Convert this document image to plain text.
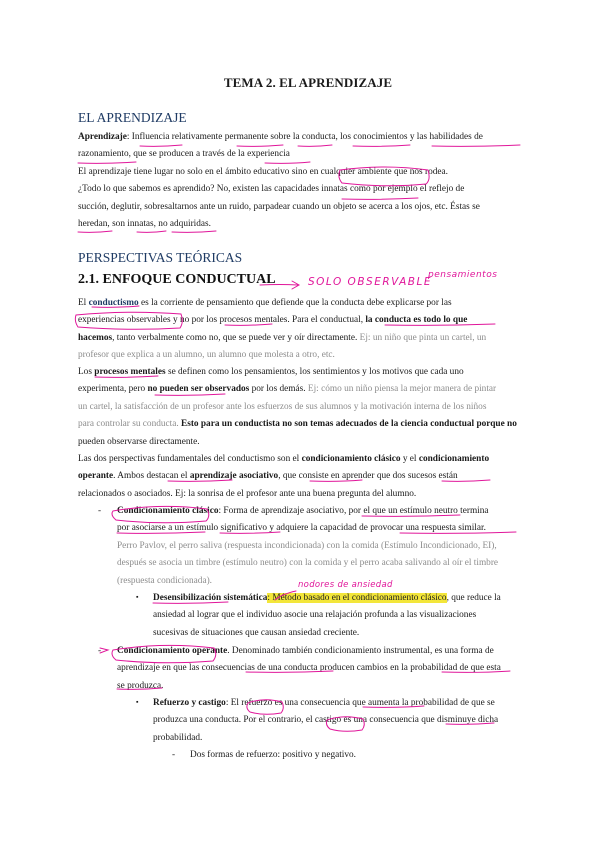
TEMA 2. EL APRENDIZAJE
EL APRENDIZAJE

Aprendizaje: Influencia relativamente permanente sobre la conducta, los conocimientos y las habilidades de

razonamiento, que se producen a través de la experiencia

El aprendizaje tiene lugar no solo en el ámbito educativo sino en cualquier ambiente que nos rodea.

¿Todo lo que sabemos es aprendido? No, existen las capacidades innatas como por ejemplo el reflejo de

succión, deglutir, sobresaltarnos ante un ruido, parpadear cuando un objeto se acerca a los ojos, etc. Éstas se

heredan, son innatas, no adquiridas.

PERSPECTIVAS TEÓRICAS
2.1. ENFOQUE CONDUCTUAL	SOLO OBSERVABLE
pensamientos

El conductismo es la corriente de pensamiento que defiende que la conducta debe explicarse por las

experiencias observables y no por los procesos mentales. Para el conductual, la conducta es todo lo que

hacemos, tanto verbalmente como no, que se puede ver y oír directamente. Ej: un niño que pinta un cartel, un

profesor que explica a un alumno, un alumno que molesta a otro, etc.

Los procesos mentales se definen como los pensamientos, los sentimientos y los motivos que cada uno

experimenta, pero no pueden ser observados por los demás. Ej: cómo un niño piensa la mejor manera de pintar

un cartel, la satisfacción de un profesor ante los esfuerzos de sus alumnos y la motivación interna de los niños

para controlar su conducta. Esto para un conductista no son temas adecuados de la ciencia conductual porque no

pueden observarse directamente.

Las dos perspectivas fundamentales del conductismo son el condicionamiento clásico y el condicionamiento

operante. Ambos destacan el aprendizaje asociativo, que consiste en aprender que dos sucesos están

relacionados o asociados. Ej: la sonrisa de el profesor ante una buena pregunta del alumno.

- Condicionamiento clásico: Forma de aprendizaje asociativo, por el que un estímulo neutro termina

por asociarse a un estímulo significativo y adquiere la capacidad de provocar una respuesta similar.

Perro Pavlov, el perro saliva (respuesta incondicionada) con la comida (Estímulo Incondicionado, EI),

después se asocia un timbre (estímulo neutro) con la comida y el perro acaba salivando al oír el timbre

(respuesta condicionada).	nodores de ansiedad
▪ Desensibilización sistemática: Método basado en el condicionamiento clásico, que reduce la

ansiedad al lograr que el individuo asocie una relajación profunda a las visualizaciones

sucesivas de situaciones que causan ansiedad creciente.

- Condicionamiento operante. Denominado también condicionamiento instrumental, es una forma de

aprendizaje en que las consecuencias de una conducta producen cambios en la probabilidad de que esta

se produzca.

▪ Refuerzo y castigo: El refuerzo es una consecuencia que aumenta la probabilidad de que se

produzca una conducta. Por el contrario, el castigo es una consecuencia que disminuye dicha

probabilidad.

- Dos formas de refuerzo: positivo y negativo.
